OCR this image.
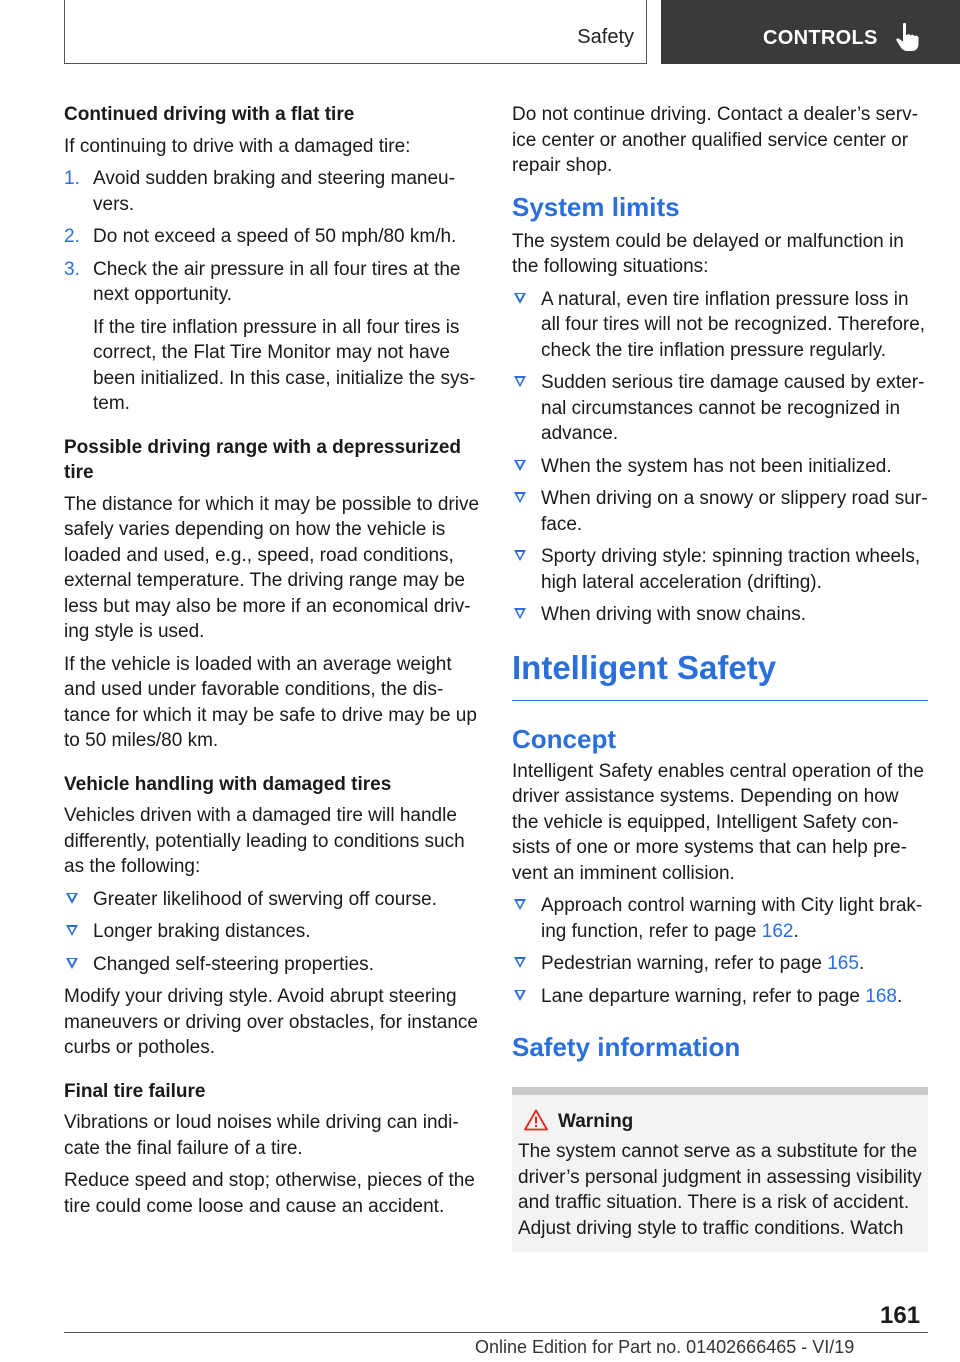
Safety	CONTROLS

Continued driving with a flat tire

If continuing to drive with a damaged tire:

1. Avoid sudden braking and steering maneuvers.
2. Do not exceed a speed of 50 mph/80 km/h.
3. Check the air pressure in all four tires at the next opportunity.

If the tire inflation pressure in all four tires is correct, the Flat Tire Monitor may not have been initialized. In this case, initialize the system.

Possible driving range with a depressurized tire

The distance for which it may be possible to drive safely varies depending on how the vehicle is loaded and used, e.g., speed, road conditions, external temperature. The driving range may be less but may also be more if an economical driving style is used.

If the vehicle is loaded with an average weight and used under favorable conditions, the distance for which it may be safe to drive may be up to 50 miles/80 km.

Vehicle handling with damaged tires

Vehicles driven with a damaged tire will handle differently, potentially leading to conditions such as the following:

Greater likelihood of swerving off course.
Longer braking distances.
Changed self-steering properties.

Modify your driving style. Avoid abrupt steering maneuvers or driving over obstacles, for instance curbs or potholes.

Final tire failure

Vibrations or loud noises while driving can indicate the final failure of a tire.

Reduce speed and stop; otherwise, pieces of the tire could come loose and cause an accident.

Do not continue driving. Contact a dealer’s service center or another qualified service center or repair shop.

System limits

The system could be delayed or malfunction in the following situations:

A natural, even tire inflation pressure loss in all four tires will not be recognized. Therefore, check the tire inflation pressure regularly.
Sudden serious tire damage caused by external circumstances cannot be recognized in advance.
When the system has not been initialized.
When driving on a snowy or slippery road surface.
Sporty driving style: spinning traction wheels, high lateral acceleration (drifting).
When driving with snow chains.
Intelligent Safety
Concept

Intelligent Safety enables central operation of the driver assistance systems. Depending on how the vehicle is equipped, Intelligent Safety consists of one or more systems that can help prevent an imminent collision.

Approach control warning with City light braking function, refer to page 162.
Pedestrian warning, refer to page 165.
Lane departure warning, refer to page 168.
Safety information
Warning

The system cannot serve as a substitute for the driver’s personal judgment in assessing visibility and traffic situation. There is a risk of accident. Adjust driving style to traffic conditions. Watch

161
Online Edition for Part no. 01402666465 - VI/19
